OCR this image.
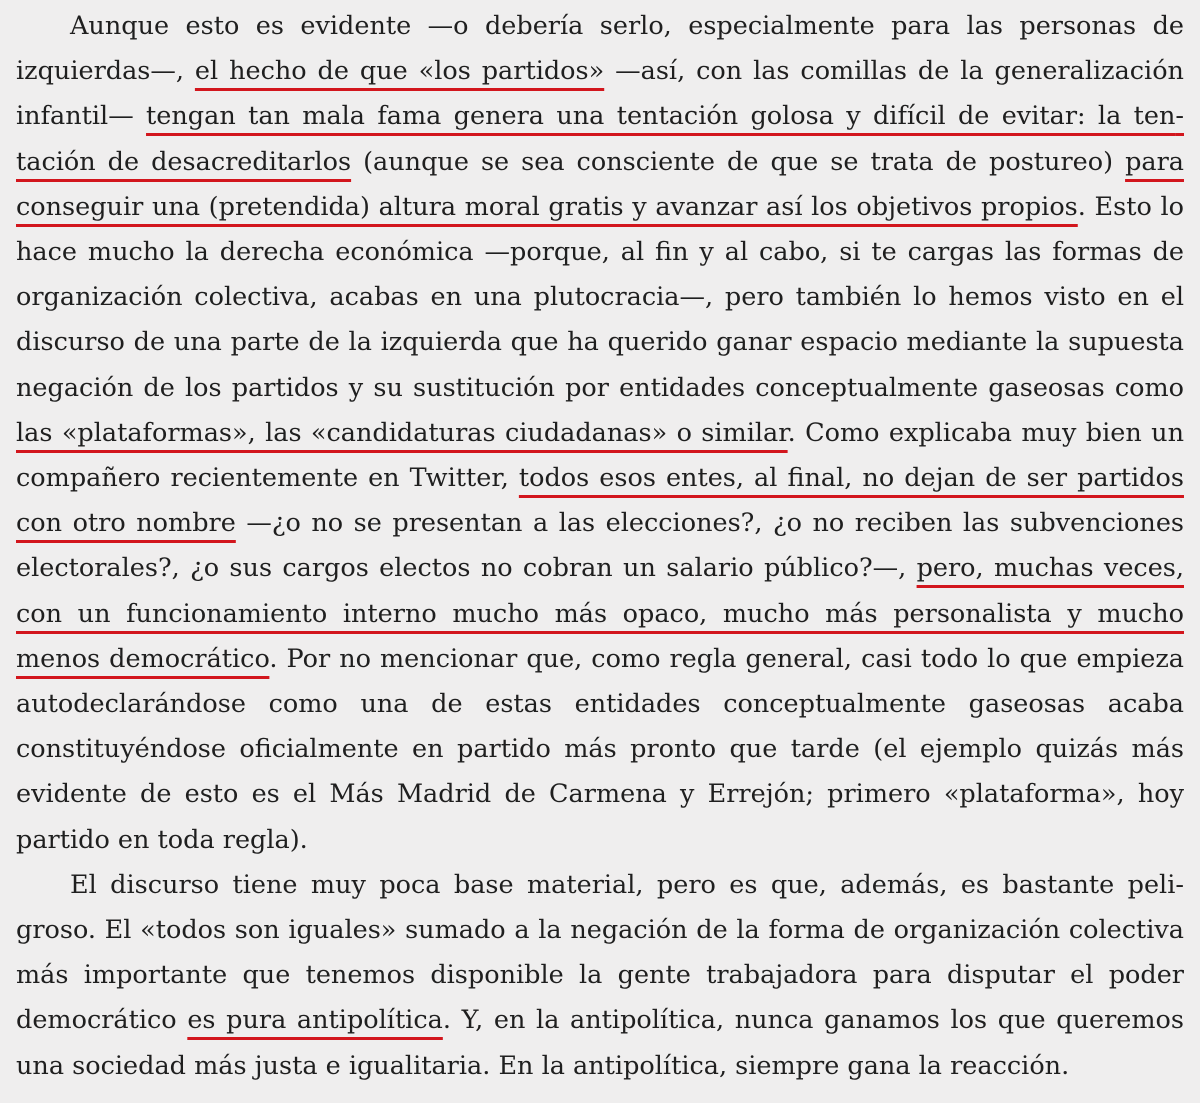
Aunque esto es evidente —o debería serlo, especialmente para las personas de izquierdas—, el hecho de que «los partidos» —así, con las comillas de la generalización infantil— tengan tan mala fama genera una tentación golosa y difícil de evitar: la tentación de desacreditarlos (aunque se sea consciente de que se trata de postureo) para conseguir una (pretendida) altura moral gratis y avanzar así los objetivos propios. Esto lo hace mucho la derecha económica —porque, al fin y al cabo, si te cargas las formas de organización colectiva, acabas en una plutocracia—, pero también lo hemos visto en el discurso de una parte de la izquierda que ha querido ganar espacio mediante la supuesta negación de los partidos y su sustitución por entidades conceptualmente gaseosas como las «plataformas», las «candidaturas ciudadanas» o similar. Como explicaba muy bien un compañero recientemente en Twitter, todos esos entes, al final, no dejan de ser partidos con otro nombre —¿o no se presentan a las elecciones?, ¿o no reciben las subvenciones electorales?, ¿o sus cargos electos no cobran un salario público?—, pero, muchas veces, con un funcionamiento interno mucho más opaco, mucho más personalista y mucho menos democrático. Por no mencionar que, como regla general, casi todo lo que empieza autodeclarándose como una de estas entidades conceptualmente gaseosas acaba constituyéndose oficialmente en partido más pronto que tarde (el ejemplo quizás más evidente de esto es el Más Madrid de Carmena y Errejón; primero «plataforma», hoy partido en toda regla).

El discurso tiene muy poca base material, pero es que, además, es bastante peligroso. El «todos son iguales» sumado a la negación de la forma de organización colectiva más importante que tenemos disponible la gente trabajadora para disputar el poder democrático es pura antipolítica. Y, en la antipolítica, nunca ganamos los que queremos una sociedad más justa e igualitaria. En la antipolítica, siempre gana la reacción.
